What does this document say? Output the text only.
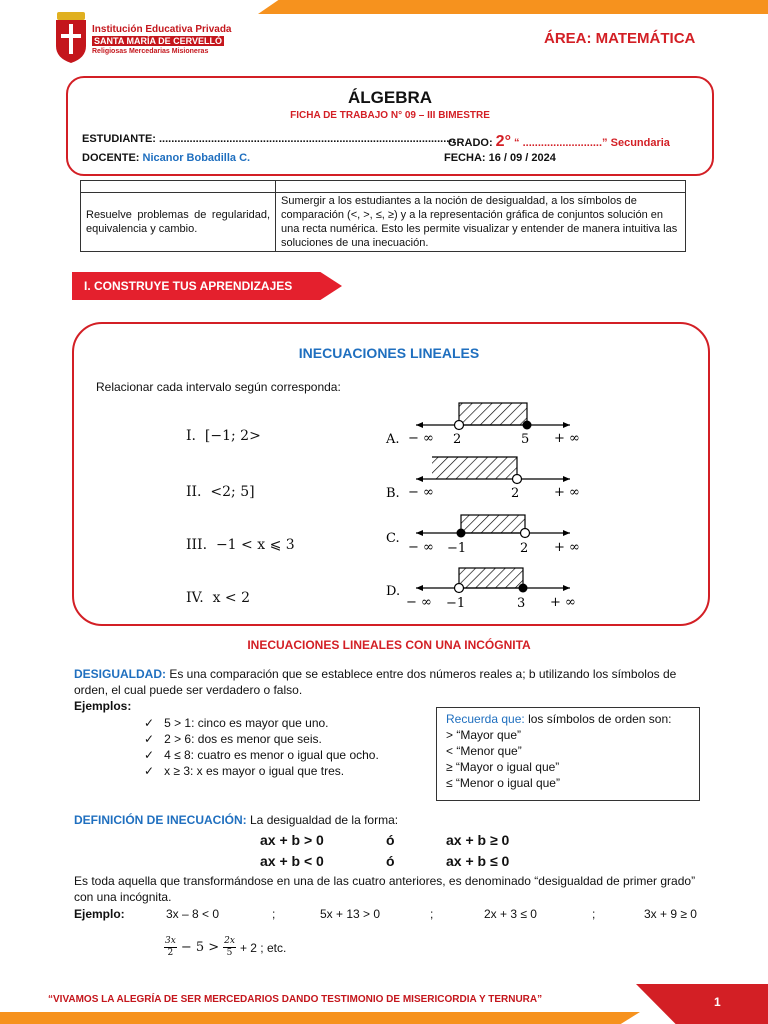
Institución Educativa Privada
SANTA MARÍA DE CERVELLÓ
Religiosas Mercedarias Misioneras
ÁREA: MATEMÁTICA
ÁLGEBRA
FICHA DE TRABAJO N° 09 – III BIMESTRE
ESTUDIANTE: .................................................................................................
GRADO: 2° “ ..........................” Secundaria
DOCENTE: Nicanor Bobadilla C.	FECHA: 16 / 09 / 2024

Resuelve problemas de regularidad, equivalencia y cambio.	Sumergir a los estudiantes a la noción de desigualdad, a los símbolos de comparación (<, >, ≤, ≥) y a la representación gráfica de conjuntos solución en una recta numérica. Esto les permite visualizar y entender de manera intuitiva las soluciones de una inecuación.
I. CONSTRUYE TUS APRENDIZAJES
INECUACIONES LINEALES
Relacionar cada intervalo según corresponda:
I. [−1; 2>
II. <2; 5]
III. −1 < x ⩽ 3
IV. x < 2
A. − ∞ 2	5 + ∞
B. − ∞	2	+ ∞
C.
− ∞ −1	2 + ∞
D.
− ∞ −1	3 + ∞
INECUACIONES LINEALES CON UNA INCÓGNITA
DESIGUALDAD: Es una comparación que se establece entre dos números reales a; b utilizando los símbolos de orden, el cual puede ser verdadero o falso.
Ejemplos:
✓ 5 > 1: cinco es mayor que uno.
✓ 2 > 6: dos es menor que seis.
✓ 4 ≤ 8: cuatro es menor o igual que ocho.
✓ x ≥ 3: x es mayor o igual que tres.
Recuerda que: los símbolos de orden son:
> “Mayor que”
< “Menor que”
≥ “Mayor o igual que”
≤ “Menor o igual que”
DEFINICIÓN DE INECUACIÓN: La desigualdad de la forma:
ax + b > 0	ó	ax + b ≥ 0
ax + b < 0	ó	ax + b ≤ 0
Es toda aquella que transformándose en una de las cuatro anteriores, es denominado “desigualdad de primer grado” con una incógnita.
Ejemplo:	3x – 8 < 0	;	5x + 13 > 0	;	2x + 3 ≤ 0	;	3x + 9 ≥ 0
$\frac{3x}{2} - 5 > \frac{2x}{5} + 2$ ; etc.
“VIVAMOS LA ALEGRÍA DE SER MERCEDARIOS DANDO TESTIMONIO DE MISERICORDIA Y TERNURA”	1
